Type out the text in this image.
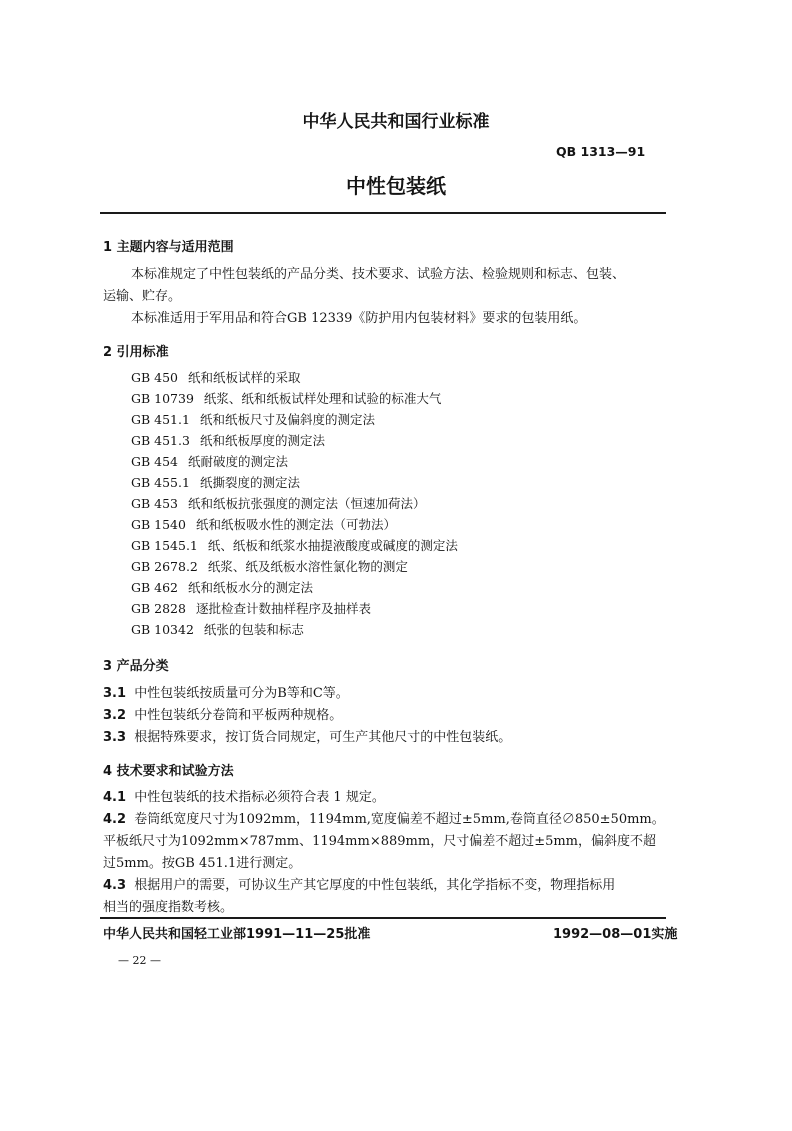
中华人民共和国行业标准
QB 1313—91
中性包装纸
1 主题内容与适用范围
本标准规定了中性包装纸的产品分类、技术要求、试验方法、检验规则和标志、包装、
运输、贮存。
本标准适用于军用品和符合GB 12339《防护用内包装材料》要求的包装用纸。
2 引用标准
GB 450 纸和纸板试样的采取
GB 10739 纸浆、纸和纸板试样处理和试验的标准大气
GB 451.1 纸和纸板尺寸及偏斜度的测定法
GB 451.3 纸和纸板厚度的测定法
GB 454 纸耐破度的测定法
GB 455.1 纸撕裂度的测定法
GB 453 纸和纸板抗张强度的测定法（恒速加荷法）
GB 1540 纸和纸板吸水性的测定法（可勃法）
GB 1545.1 纸、纸板和纸浆水抽提液酸度或碱度的测定法
GB 2678.2 纸浆、纸及纸板水溶性氯化物的测定
GB 462 纸和纸板水分的测定法
GB 2828 逐批检查计数抽样程序及抽样表
GB 10342 纸张的包装和标志
3 产品分类
3.1 中性包装纸按质量可分为B等和C等。
3.2 中性包装纸分卷筒和平板两种规格。
3.3 根据特殊要求，按订货合同规定，可生产其他尺寸的中性包装纸。
4 技术要求和试验方法
4.1 中性包装纸的技术指标必须符合表 1 规定。
4.2 卷筒纸宽度尺寸为1092mm，1194mm,宽度偏差不超过±5mm,卷筒直径∅850±50mm。
平板纸尺寸为1092mm×787mm、1194mm×889mm，尺寸偏差不超过±5mm，偏斜度不超
过5mm。按GB 451.1进行测定。
4.3 根据用户的需要，可协议生产其它厚度的中性包装纸，其化学指标不变，物理指标用
相当的强度指数考核。
中华人民共和国轻工业部1991—11—25批准	1992—08—01实施
— 22 —
